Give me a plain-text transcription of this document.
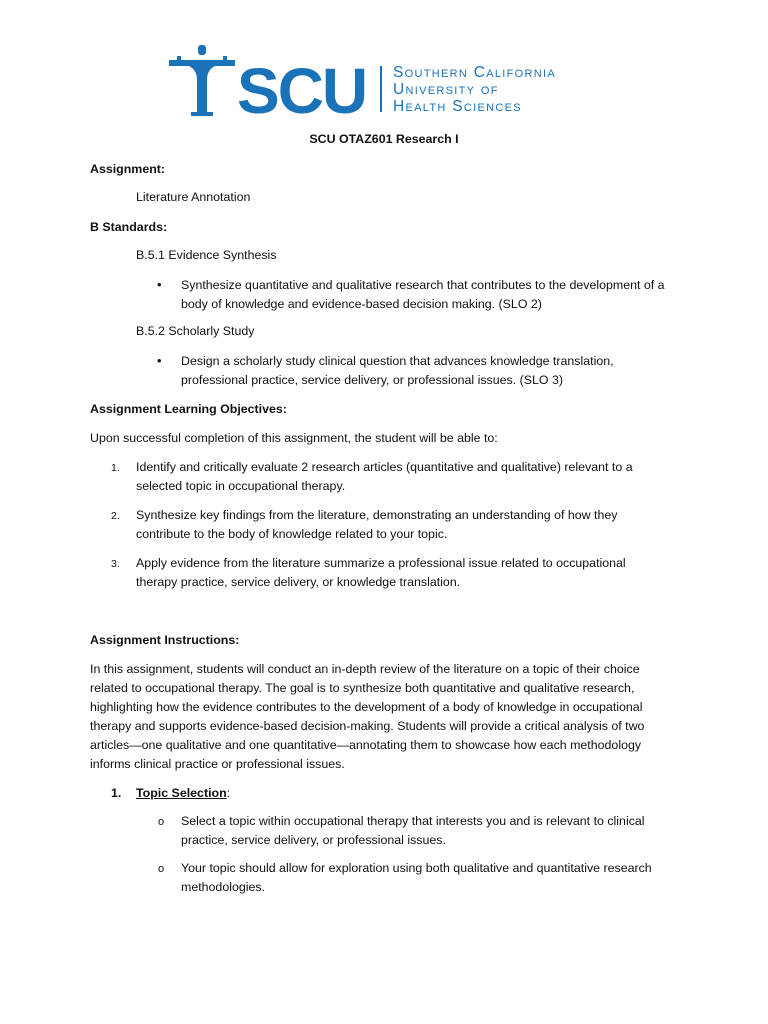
SCU Southern California
University of
Health Sciences
SCU OTAZ601 Research I
Assignment:
Literature Annotation
B Standards:
B.5.1 Evidence Synthesis
• Synthesize quantitative and qualitative research that contributes to the development of a body of knowledge and evidence-based decision making. (SLO 2)
B.5.2 Scholarly Study
• Design a scholarly study clinical question that advances knowledge translation, professional practice, service delivery, or professional issues. (SLO 3)
Assignment Learning Objectives:
Upon successful completion of this assignment, the student will be able to:
1. Identify and critically evaluate 2 research articles (quantitative and qualitative) relevant to a selected topic in occupational therapy.
2. Synthesize key findings from the literature, demonstrating an understanding of how they contribute to the body of knowledge related to your topic.
3. Apply evidence from the literature summarize a professional issue related to occupational therapy practice, service delivery, or knowledge translation.
Assignment Instructions:
In this assignment, students will conduct an in-depth review of the literature on a topic of their choice related to occupational therapy. The goal is to synthesize both quantitative and qualitative research, highlighting how the evidence contributes to the development of a body of knowledge in occupational therapy and supports evidence-based decision-making. Students will provide a critical analysis of two articles—one qualitative and one quantitative—annotating them to showcase how each methodology informs clinical practice or professional issues.
1. Topic Selection:
o Select a topic within occupational therapy that interests you and is relevant to clinical practice, service delivery, or professional issues.
o Your topic should allow for exploration using both qualitative and quantitative research methodologies.
